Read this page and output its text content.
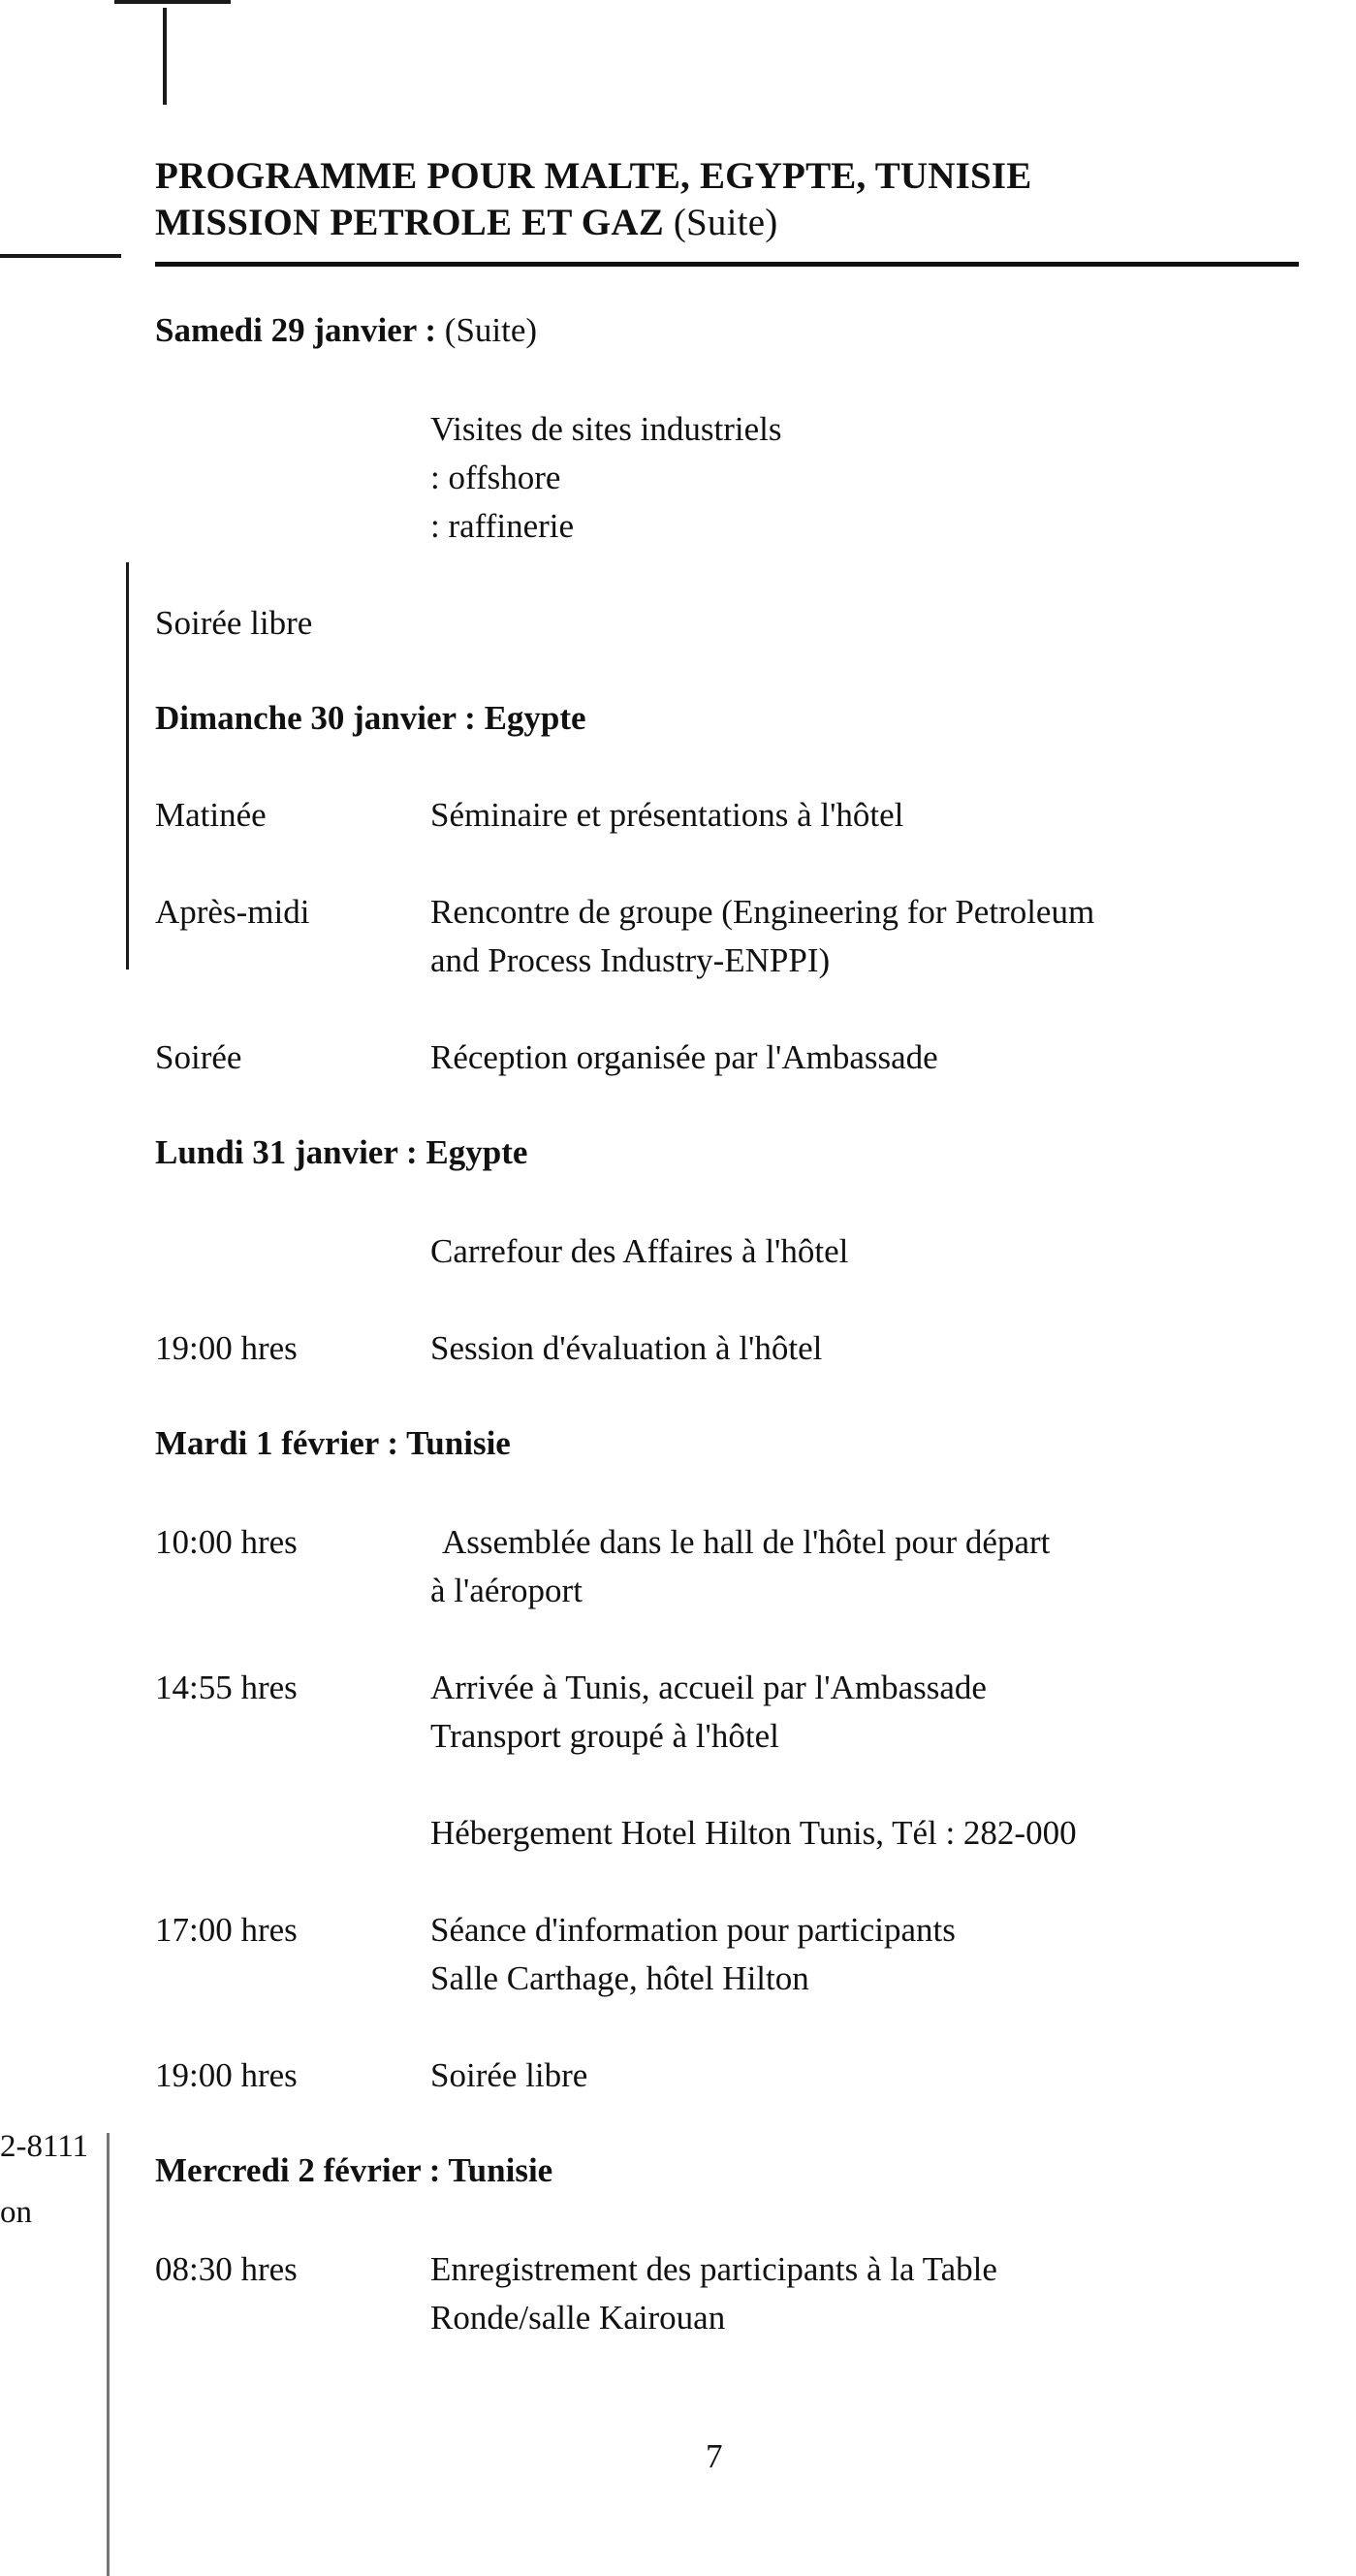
PROGRAMME POUR MALTE, EGYPTE, TUNISIE
MISSION PETROLE ET GAZ (Suite)
Samedi 29 janvier : (Suite)
Visites de sites industriels
: offshore
: raffinerie
Soirée libre
Dimanche 30 janvier : Egypte
Matinée	Séminaire et présentations à l'hôtel
Après-midi	Rencontre de groupe (Engineering for Petroleum
and Process Industry-ENPPI)
Soirée	Réception organisée par l'Ambassade
Lundi 31 janvier : Egypte
Carrefour des Affaires à l'hôtel
19:00 hres	Session d'évaluation à l'hôtel
Mardi 1 février : Tunisie
10:00 hres	Assemblée dans le hall de l'hôtel pour départ
à l'aéroport
14:55 hres	Arrivée à Tunis, accueil par l'Ambassade
Transport groupé à l'hôtel
Hébergement Hotel Hilton Tunis, Tél : 282-000
17:00 hres	Séance d'information pour participants
Salle Carthage, hôtel Hilton
19:00 hres	Soirée libre
Mercredi 2 février : Tunisie
08:30 hres	Enregistrement des participants à la Table
Ronde/salle Kairouan
2-8111
on
7
